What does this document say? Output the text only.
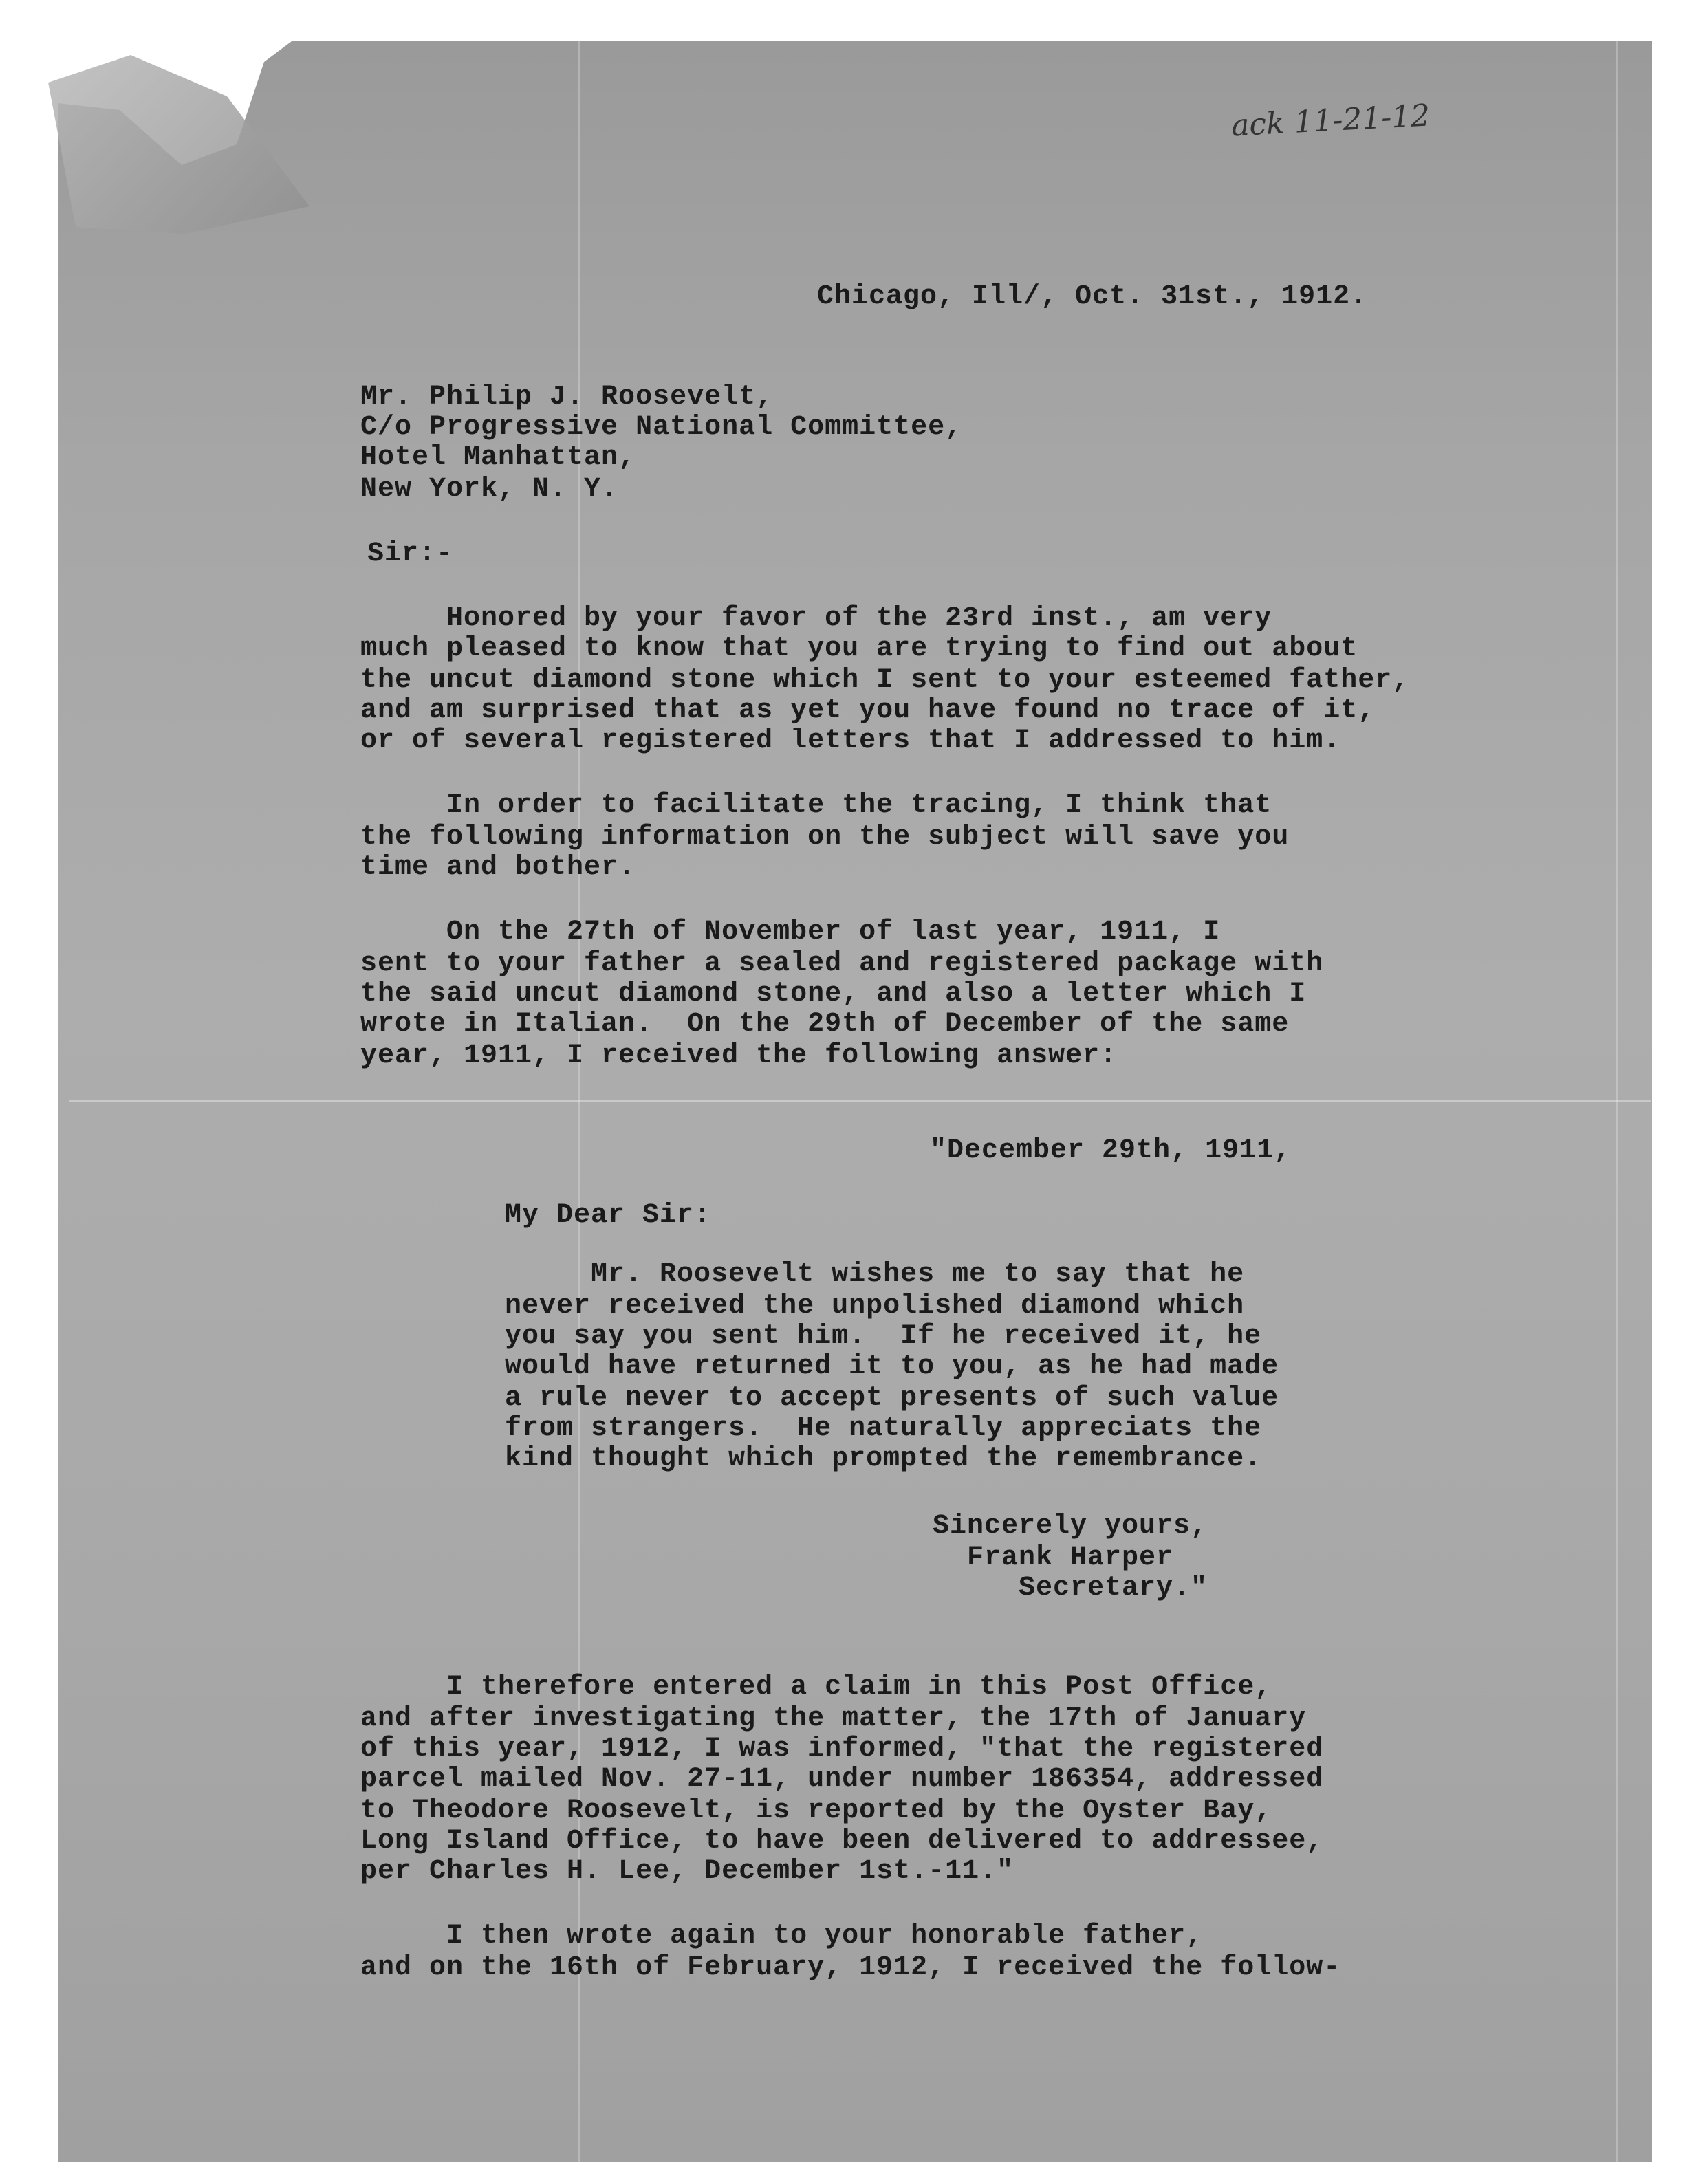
ack 11-21-12
Chicago, Ill/, Oct. 31st., 1912.
Mr. Philip J. Roosevelt,
C/o Progressive National Committee,
Hotel Manhattan,
New York, N. Y.
Sir:-
Honored by your favor of the 23rd inst., am very
much pleased to know that you are trying to find out about
the uncut diamond stone which I sent to your esteemed father,
and am surprised that as yet you have found no trace of it,
or of several registered letters that I addressed to him.
In order to facilitate the tracing, I think that
the following information on the subject will save you
time and bother.
On the 27th of November of last year, 1911, I
sent to your father a sealed and registered package with
the said uncut diamond stone, and also a letter which I
wrote in Italian.  On the 29th of December of the same
year, 1911, I received the following answer:
"December 29th, 1911,
My Dear Sir:
Mr. Roosevelt wishes me to say that he
never received the unpolished diamond which
you say you sent him.  If he received it, he
would have returned it to you, as he had made
a rule never to accept presents of such value
from strangers.  He naturally appreciats the
kind thought which prompted the remembrance.
Sincerely yours,
Frank Harper
Secretary."
I therefore entered a claim in this Post Office,
and after investigating the matter, the 17th of January
of this year, 1912, I was informed, "that the registered
parcel mailed Nov. 27-11, under number 186354, addressed
to Theodore Roosevelt, is reported by the Oyster Bay,
Long Island Office, to have been delivered to addressee,
per Charles H. Lee, December 1st.-11."
I then wrote again to your honorable father,
and on the 16th of February, 1912, I received the follow-
